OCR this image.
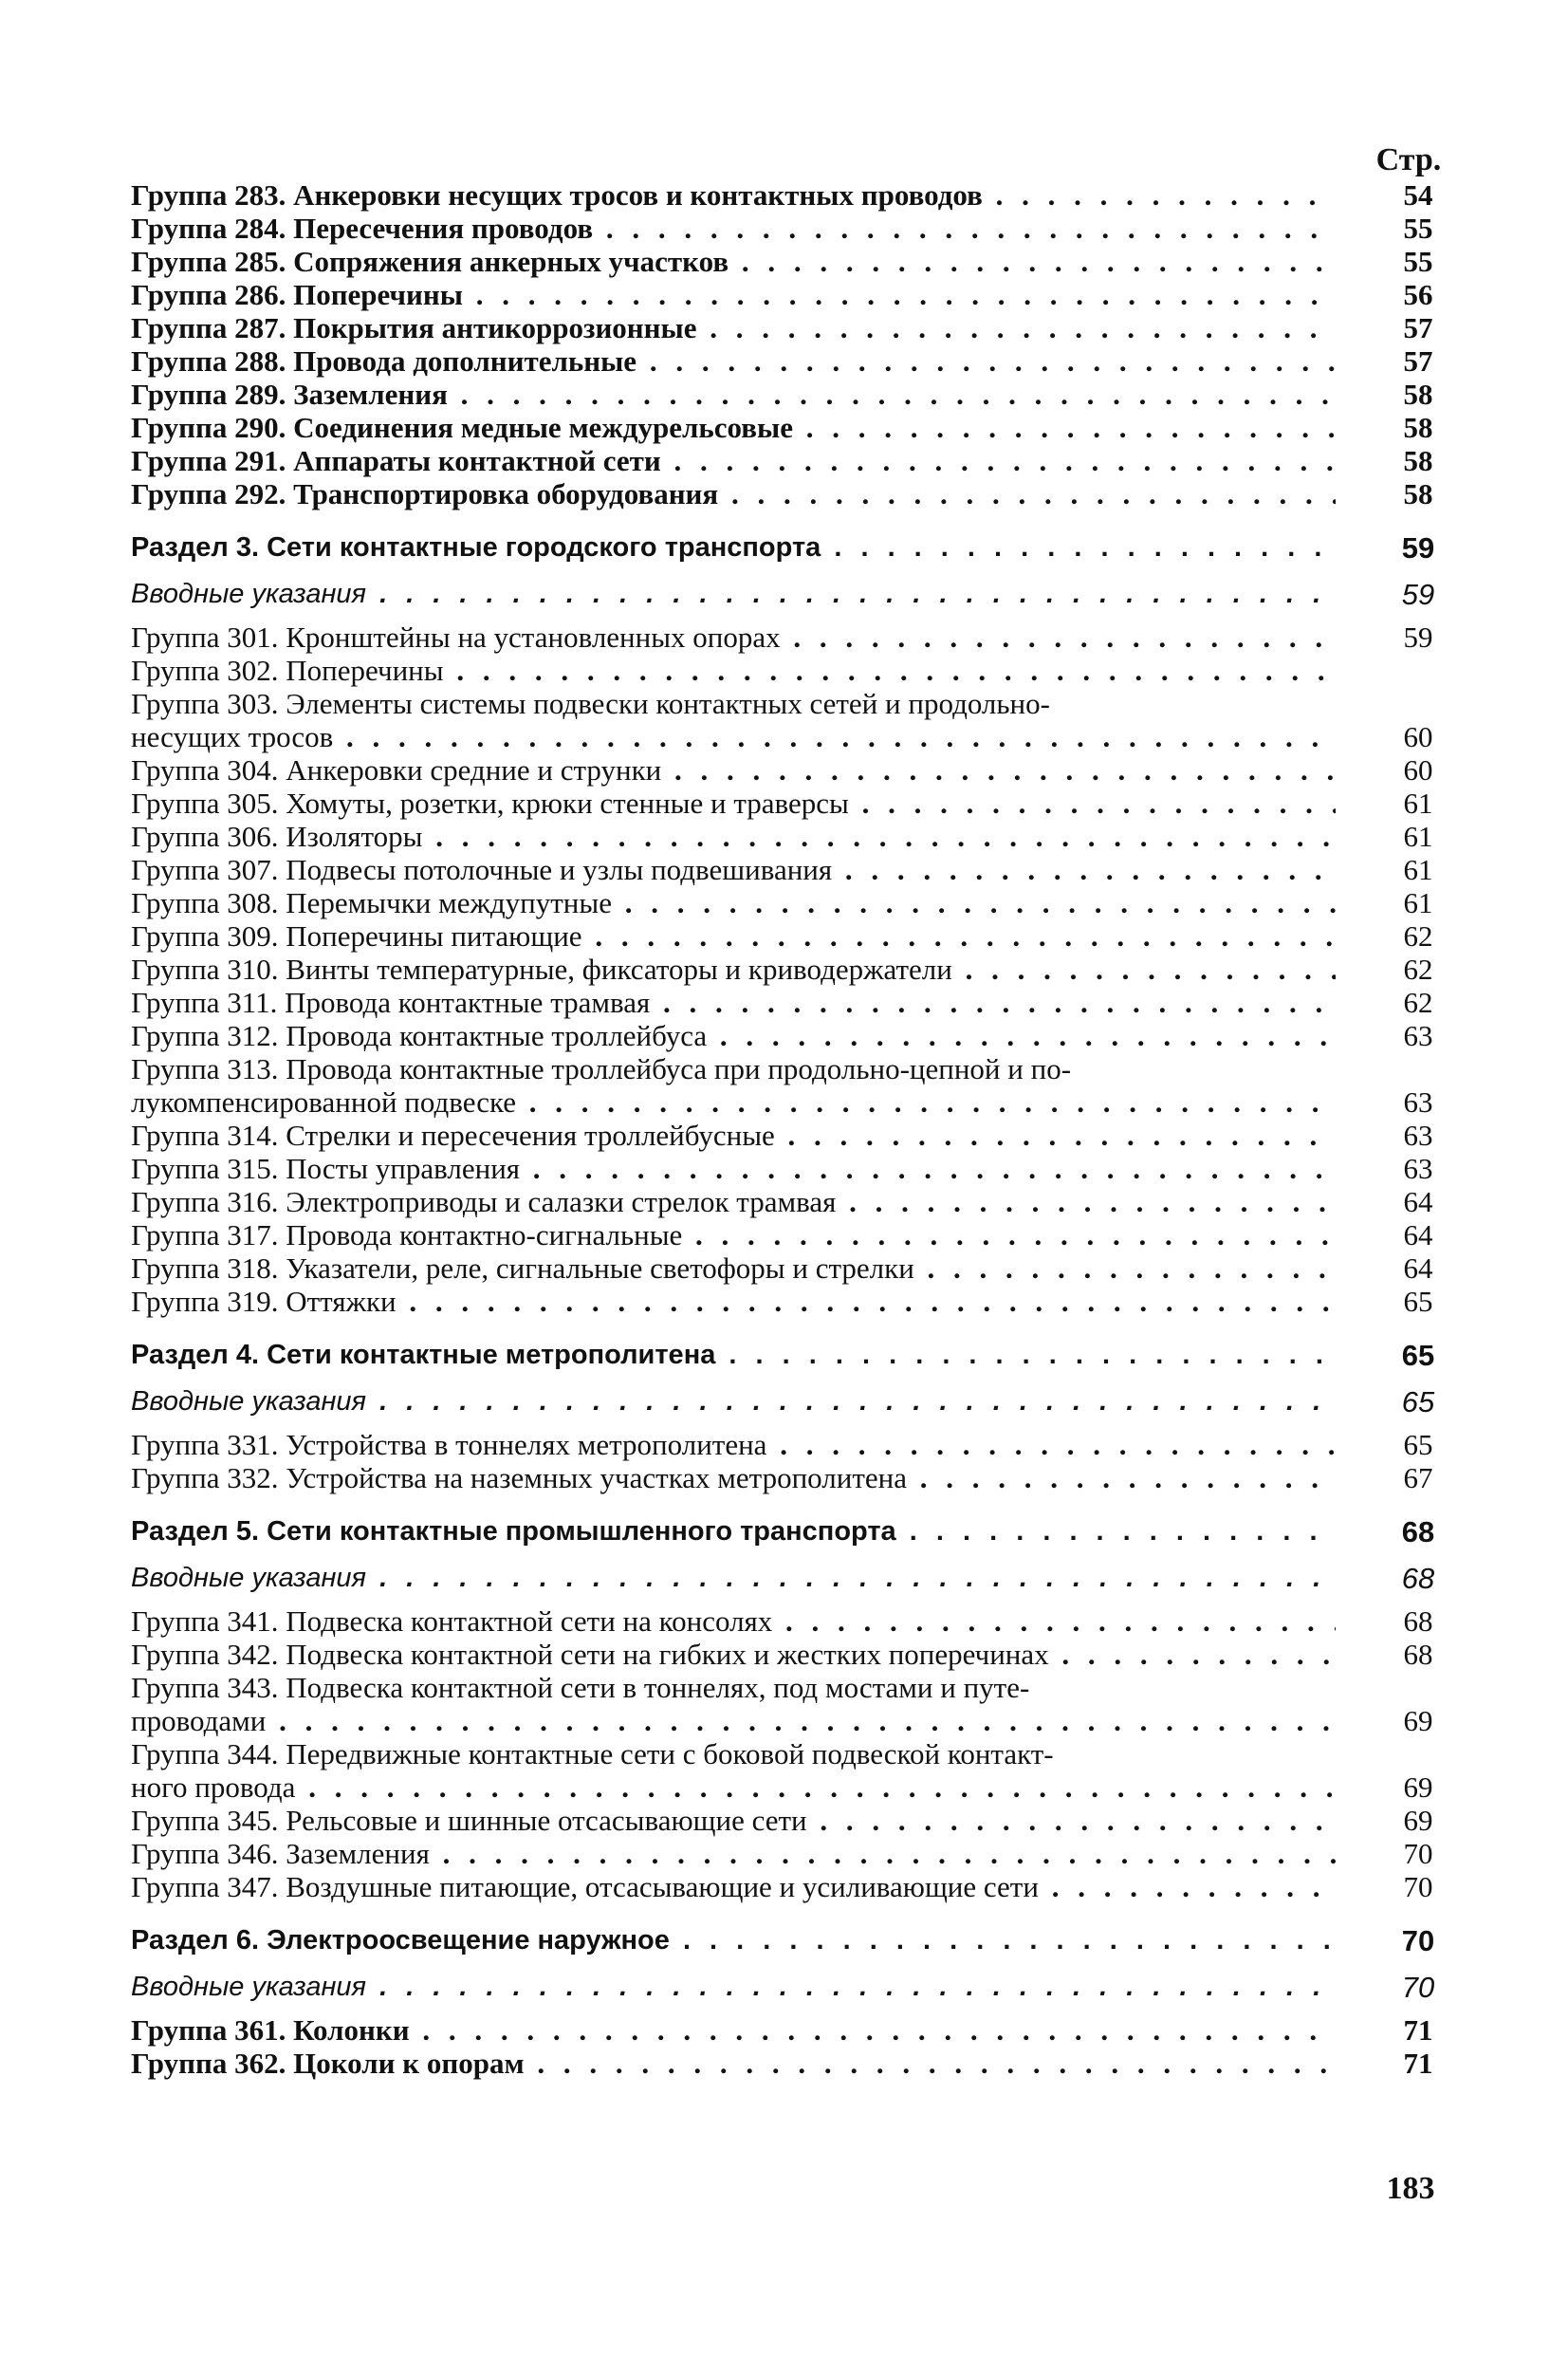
Стр.
Группа 283. Анкеровки несущих тросов и контактных проводов . . .	54
Группа 284. Пересечения проводов . . .	55
Группа 285. Сопряжения анкерных участков . . .	55
Группа 286. Поперечины . . .	56
Группа 287. Покрытия антикоррозионные . . .	57
Группа 288. Провода дополнительные . . .	57
Группа 289. Заземления . . .	58
Группа 290. Соединения медные междурельсовые . . .	58
Группа 291. Аппараты контактной сети . . .	58
Группа 292. Транспортировка оборудования . . .	58
Раздел 3. Сети контактные городского транспорта . . .	59
Вводные указания . . .	59
Группа 301. Кронштейны на установленных опорах . . .	59
Группа 302. Поперечины . . .
Группа 303. Элементы системы подвески контактных сетей и продольно-
несущих тросов . . .	60
Группа 304. Анкеровки средние и струнки . . .	60
Группа 305. Хомуты, розетки, крюки стенные и траверсы . . .	61
Группа 306. Изоляторы . . .	61
Группа 307. Подвесы потолочные и узлы подвешивания . . .	61
Группа 308. Перемычки междупутные . . .	61
Группа 309. Поперечины питающие . . .	62
Группа 310. Винты температурные, фиксаторы и криводержатели . . .	62
Группа 311. Провода контактные трамвая . . .	62
Группа 312. Провода контактные троллейбуса . . .	63
Группа 313. Провода контактные троллейбуса при продольно-цепной и по-
лукомпенсированной подвеске . . .	63
Группа 314. Стрелки и пересечения троллейбусные . . .	63
Группа 315. Посты управления . . .	63
Группа 316. Электроприводы и салазки стрелок трамвая . . .	64
Группа 317. Провода контактно-сигнальные . . .	64
Группа 318. Указатели, реле, сигнальные светофоры и стрелки . . .	64
Группа 319. Оттяжки . . .	65
Раздел 4. Сети контактные метрополитена . . .	65
Вводные указания . . .	65
Группа 331. Устройства в тоннелях метрополитена . . .	65
Группа 332. Устройства на наземных участках метрополитена . . .	67
Раздел 5. Сети контактные промышленного транспорта . . .	68
Вводные указания . . .	68
Группа 341. Подвеска контактной сети на консолях . . .	68
Группа 342. Подвеска контактной сети на гибких и жестких поперечинах . . .	68
Группа 343. Подвеска контактной сети в тоннелях, под мостами и путе-
проводами . . .	69
Группа 344. Передвижные контактные сети с боковой подвеской контакт-
ного провода . . .	69
Группа 345. Рельсовые и шинные отсасывающие сети . . .	69
Группа 346. Заземления . . .	70
Группа 347. Воздушные питающие, отсасывающие и усиливающие сети . . .	70
Раздел 6. Электроосвещение наружное . . .	70
Вводные указания . . .	70
Группа 361. Колонки . . .	71
Группа 362. Цоколи к опорам . . .	71
183
